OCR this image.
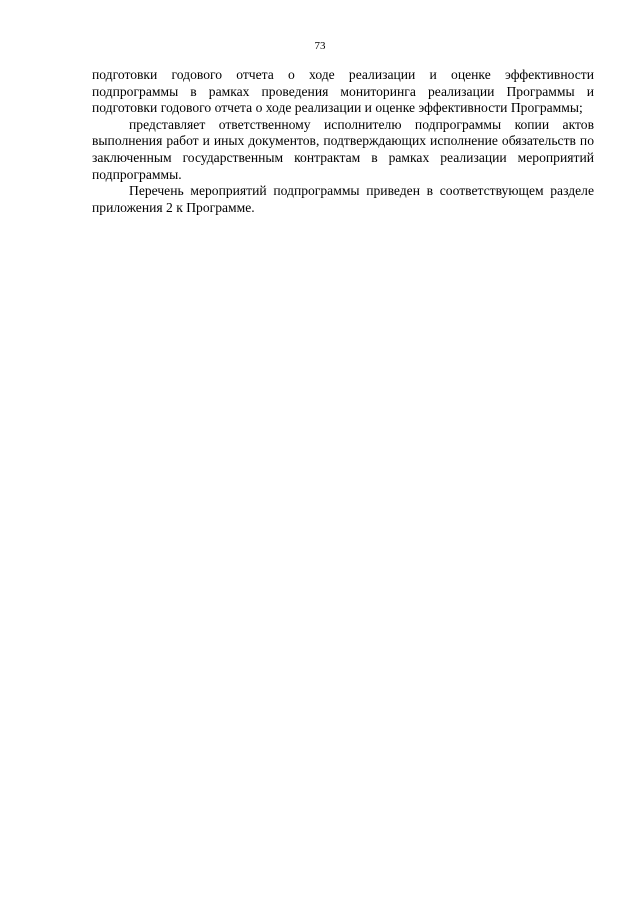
73

подготовки годового отчета о ходе реализации и оценке эффективности подпрограммы в рамках проведения мониторинга реализации Программы и подготовки годового отчета о ходе реализации и оценке эффективности Программы;

представляет ответственному исполнителю подпрограммы копии актов выполнения работ и иных документов, подтверждающих исполнение обязательств по заключенным государственным контрактам в рамках реализации мероприятий подпрограммы.

Перечень мероприятий подпрограммы приведен в соответствующем разделе приложения 2 к Программе.
